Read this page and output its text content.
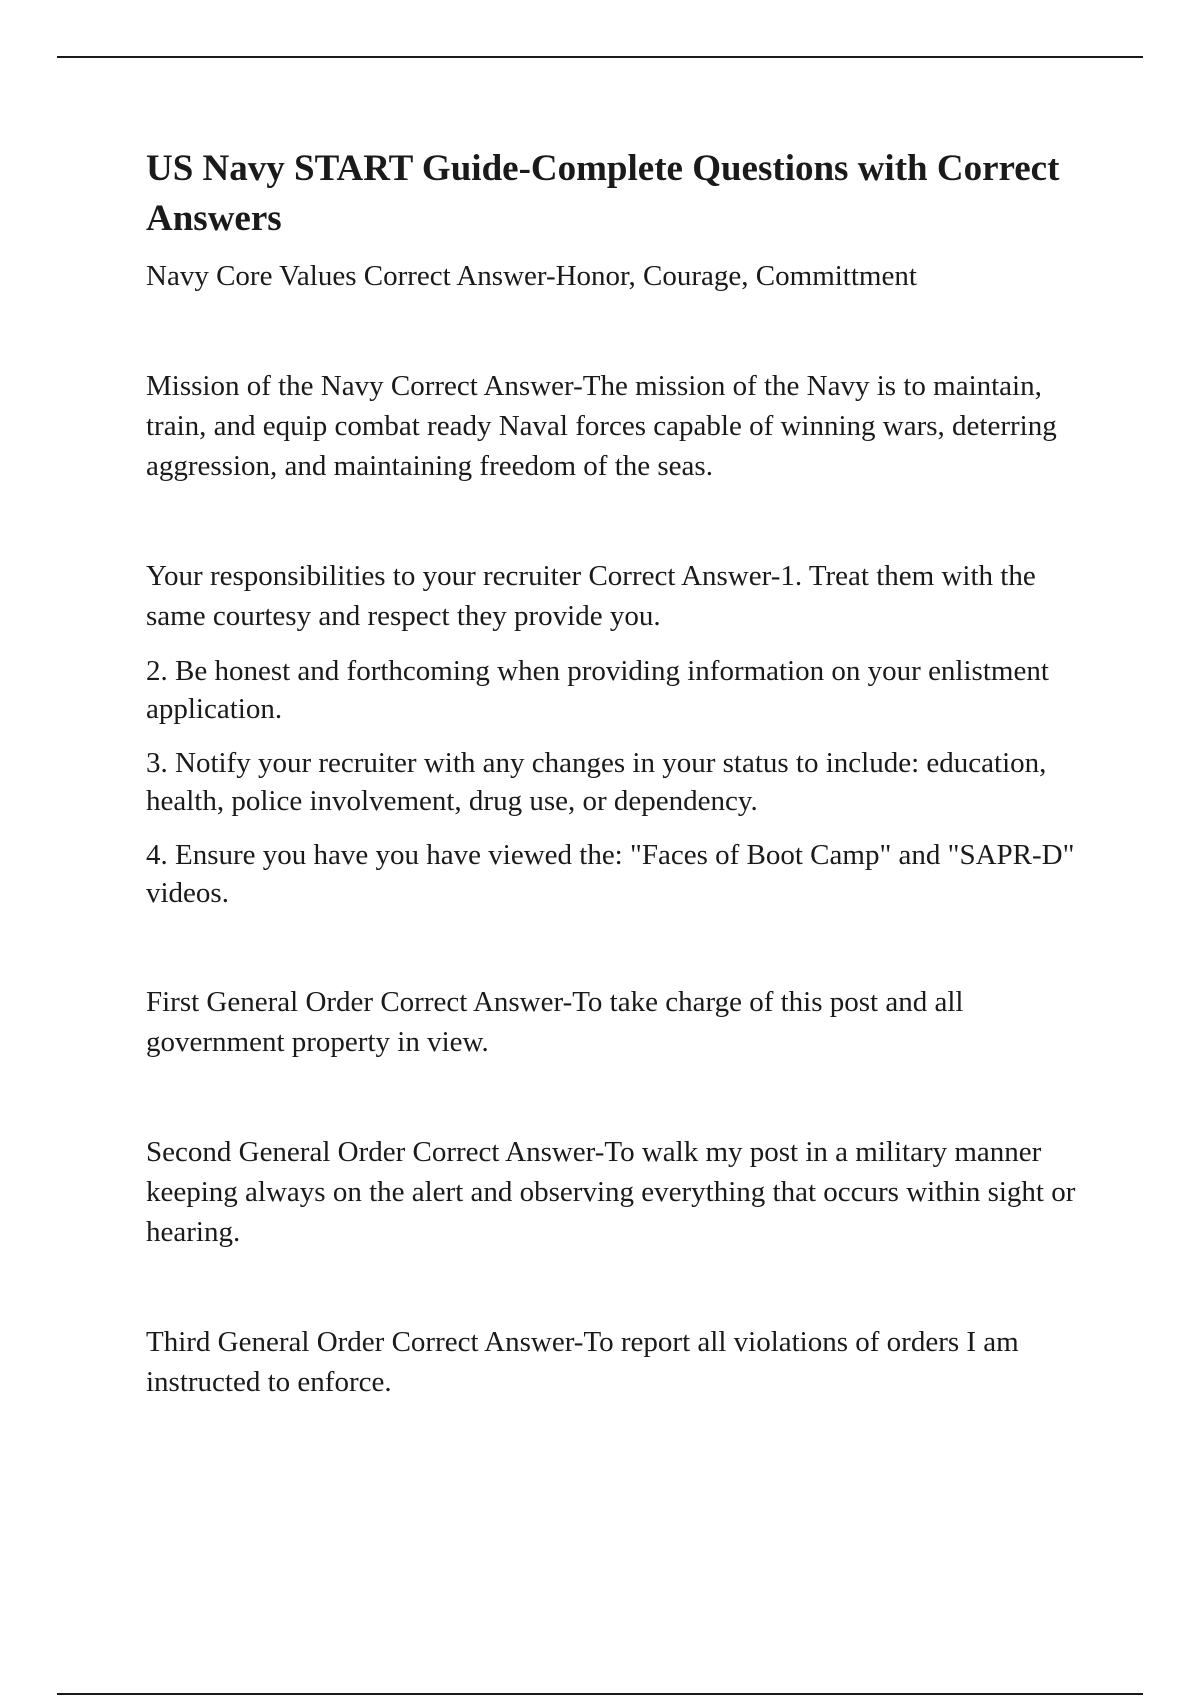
US Navy START Guide-Complete Questions with Correct Answers

Navy Core Values Correct Answer-Honor, Courage, Committment

Mission of the Navy Correct Answer-The mission of the Navy is to maintain, train, and equip combat ready Naval forces capable of winning wars, deterring aggression, and maintaining freedom of the seas.

Your responsibilities to your recruiter Correct Answer-1. Treat them with the same courtesy and respect they provide you.

2. Be honest and forthcoming when providing information on your enlistment application.

3. Notify your recruiter with any changes in your status to include: education, health, police involvement, drug use, or dependency.

4. Ensure you have you have viewed the: "Faces of Boot Camp" and "SAPR-D" videos.

First General Order Correct Answer-To take charge of this post and all government property in view.

Second General Order Correct Answer-To walk my post in a military manner keeping always on the alert and observing everything that occurs within sight or hearing.

Third General Order Correct Answer-To report all violations of orders I am instructed to enforce.
